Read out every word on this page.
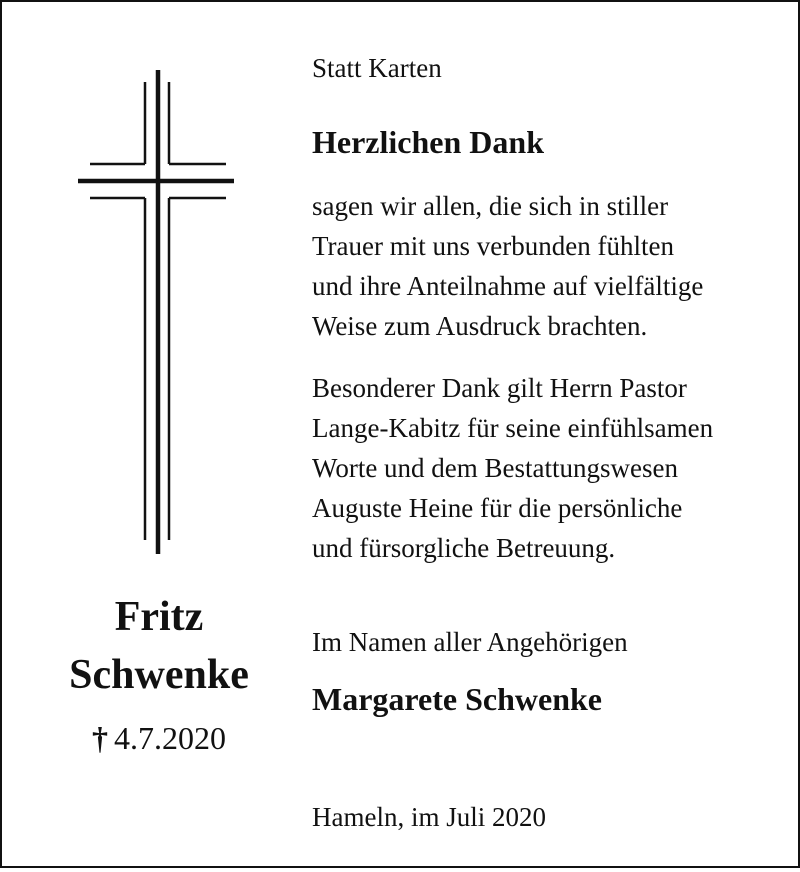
Fritz
Schwenke
† 4.7.2020
Statt Karten
Herzlichen Dank
sagen wir allen, die sich in stiller
Trauer mit uns verbunden fühlten
und ihre Anteilnahme auf vielfältige
Weise zum Ausdruck brachten.
Besonderer Dank gilt Herrn Pastor
Lange-Kabitz für seine einfühlsamen
Worte und dem Bestattungswesen
Auguste Heine für die persönliche
und fürsorgliche Betreuung.
Im Namen aller Angehörigen
Margarete Schwenke
Hameln, im Juli 2020
